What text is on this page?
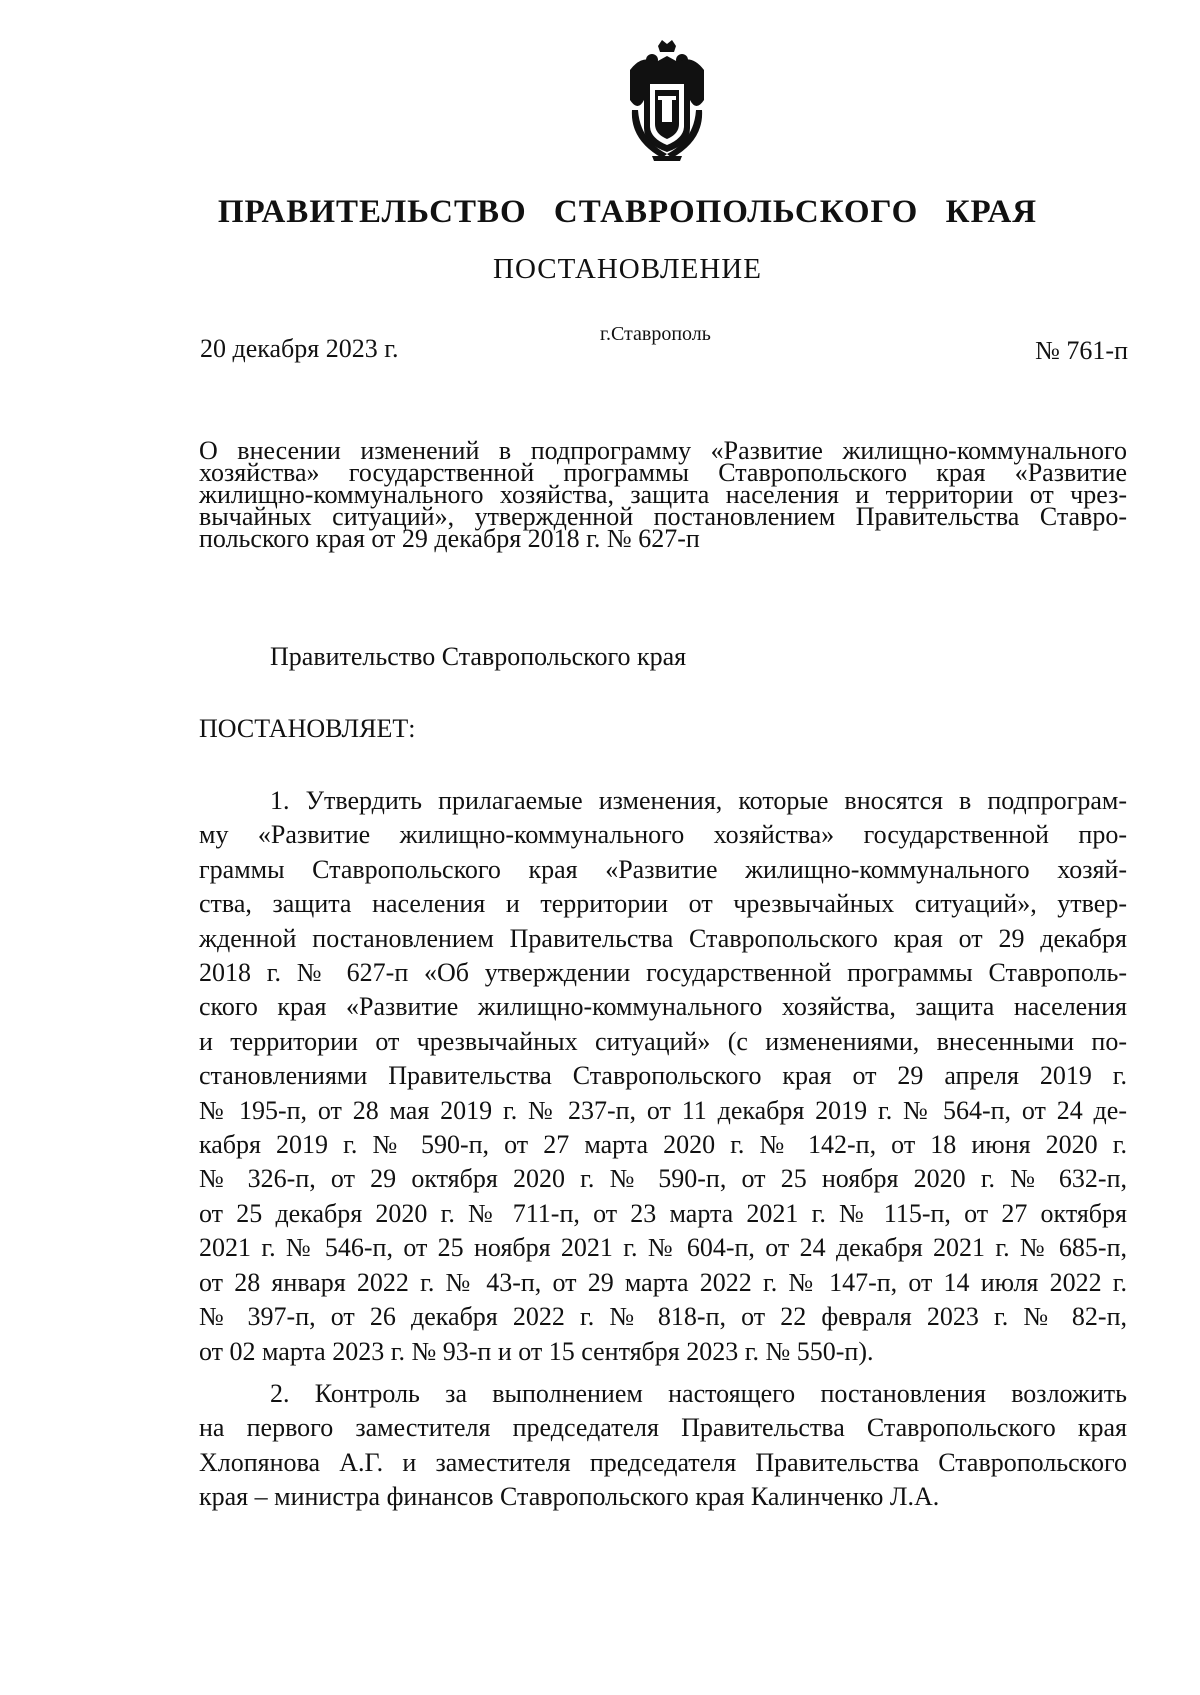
ПРАВИТЕЛЬСТВО СТАВРОПОЛЬСКОГО КРАЯ
ПОСТАНОВЛЕНИЕ
20 декабря 2023 г.	г.Ставрополь
№ 761-п
О внесении изменений в подпрограмму «Развитие жилищно-коммунального
хозяйства» государственной программы Ставропольского края «Развитие
жилищно-коммунального хозяйства, защита населения и территории от чрез-
вычайных ситуаций», утвержденной постановлением Правительства Ставро-
польского края от 29 декабря 2018 г. № 627-п
Правительство Ставропольского края
ПОСТАНОВЛЯЕТ:
1. Утвердить прилагаемые изменения, которые вносятся в подпрограм-
му «Развитие жилищно-коммунального хозяйства» государственной про-
граммы Ставропольского края «Развитие жилищно-коммунального хозяй-
ства, защита населения и территории от чрезвычайных ситуаций», утвер-
жденной постановлением Правительства Ставропольского края от 29 декабря
2018 г. № 627-п «Об утверждении государственной программы Ставрополь-
ского края «Развитие жилищно-коммунального хозяйства, защита населения
и территории от чрезвычайных ситуаций» (с изменениями, внесенными по-
становлениями Правительства Ставропольского края от 29 апреля 2019 г.
№ 195-п, от 28 мая 2019 г. № 237-п, от 11 декабря 2019 г. № 564-п, от 24 де-
кабря 2019 г. № 590-п, от 27 марта 2020 г. № 142-п, от 18 июня 2020 г.
№ 326-п, от 29 октября 2020 г. № 590-п, от 25 ноября 2020 г. № 632-п,
от 25 декабря 2020 г. № 711-п, от 23 марта 2021 г. № 115-п, от 27 октября
2021 г. № 546-п, от 25 ноября 2021 г. № 604-п, от 24 декабря 2021 г. № 685-п,
от 28 января 2022 г. № 43-п, от 29 марта 2022 г. № 147-п, от 14 июля 2022 г.
№ 397-п, от 26 декабря 2022 г. № 818-п, от 22 февраля 2023 г. № 82-п,
от 02 марта 2023 г. № 93-п и от 15 сентября 2023 г. № 550-п).
2. Контроль за выполнением настоящего постановления возложить
на первого заместителя председателя Правительства Ставропольского края
Хлопянова А.Г. и заместителя председателя Правительства Ставропольского
края – министра финансов Ставропольского края Калинченко Л.А.
